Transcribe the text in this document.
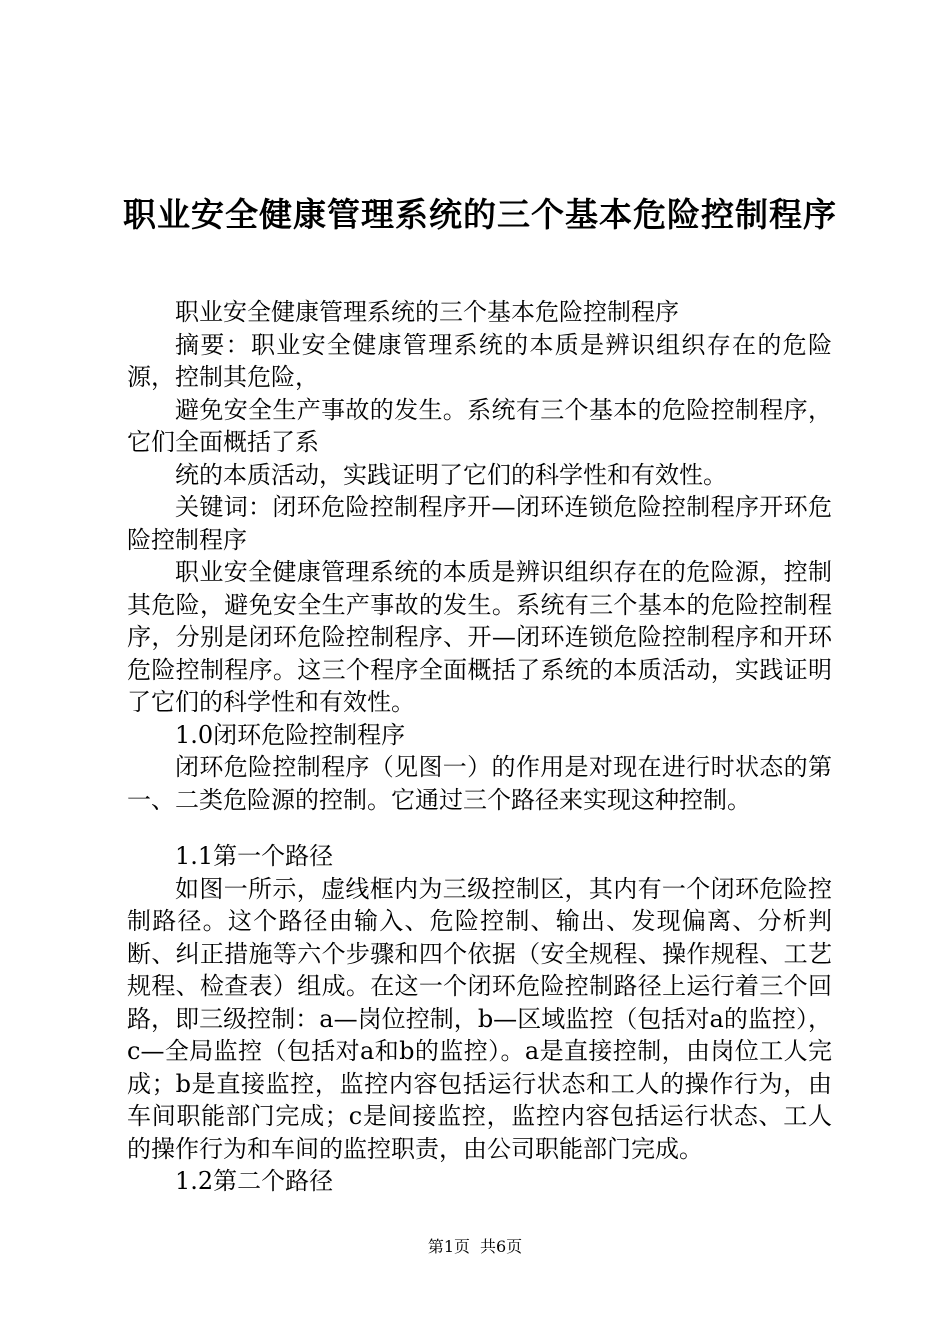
职业安全健康管理系统的三个基本危险控制程序

职业安全健康管理系统的三个基本危险控制程序

摘要：职业安全健康管理系统的本质是辨识组织存在的危险源，控制其危险，

避免安全生产事故的发生。系统有三个基本的危险控制程序，它们全面概括了系

统的本质活动，实践证明了它们的科学性和有效性。

关键词：闭环危险控制程序开—闭环连锁危险控制程序开环危险控制程序

职业安全健康管理系统的本质是辨识组织存在的危险源，控制其危险，避免安全生产事故的发生。系统有三个基本的危险控制程序，分别是闭环危险控制程序、开—闭环连锁危险控制程序和开环危险控制程序。这三个程序全面概括了系统的本质活动，实践证明了它们的科学性和有效性。

1.0闭环危险控制程序

闭环危险控制程序（见图一）的作用是对现在进行时状态的第一、二类危险源的控制。它通过三个路径来实现这种控制。

1.1第一个路径

如图一所示，虚线框内为三级控制区，其内有一个闭环危险控制路径。这个路径由输入、危险控制、输出、发现偏离、分析判断、纠正措施等六个步骤和四个依据（安全规程、操作规程、工艺规程、检查表）组成。在这一个闭环危险控制路径上运行着三个回路，即三级控制：a—岗位控制，b—区域监控（包括对a的监控），c—全局监控（包括对a和b的监控）。a是直接控制，由岗位工人完成；b是直接监控，监控内容包括运行状态和工人的操作行为，由车间职能部门完成；c是间接监控，监控内容包括运行状态、工人的操作行为和车间的监控职责，由公司职能部门完成。

1.2第二个路径

第1页 共6页
